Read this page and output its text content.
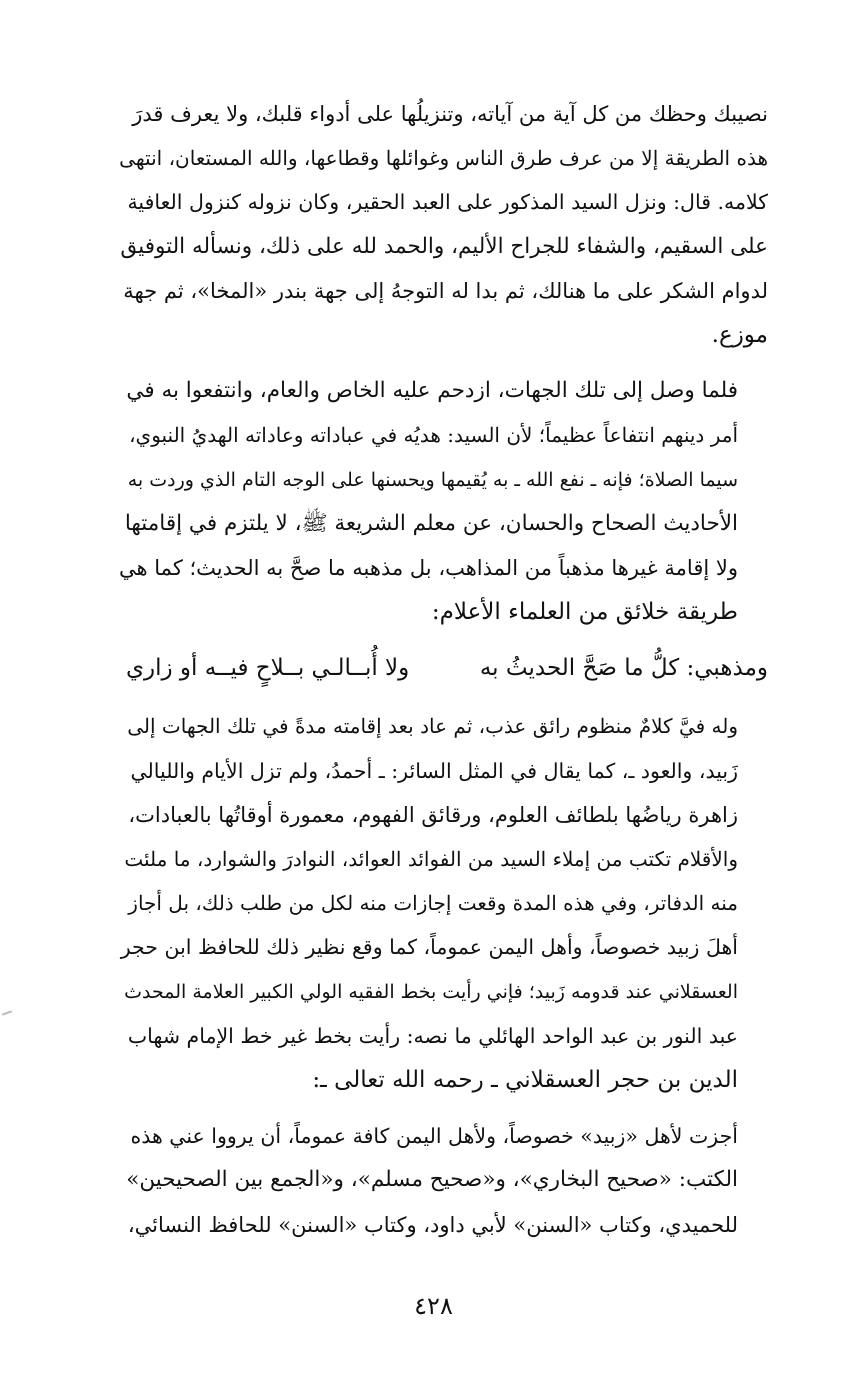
نصيبك وحظك من كل آية من آياته، وتنزيلُها على أدواء قلبك، ولا يعرف قدرَ
هذه الطريقة إلا من عرف طرق الناس وغوائلها وقطاعها، والله المستعان، انتهى
كلامه. قال: ونزل السيد المذكور على العبد الحقير، وكان نزوله كنزول العافية
على السقيم، والشفاء للجراح الأليم، والحمد لله على ذلك، ونسأله التوفيق
لدوام الشكر على ما هنالك، ثم بدا له التوجهُ إلى جهة بندر «المخا»، ثم جهة
موزع.

فلما وصل إلى تلك الجهات، ازدحم عليه الخاص والعام، وانتفعوا به في
أمر دينهم انتفاعاً عظيماً؛ لأن السيد: هديُه في عباداته وعاداته الهديُ النبوي،
سيما الصلاة؛ فإنه ـ نفع الله ـ به يُقيمها ويحسنها على الوجه التام الذي وردت به
الأحاديث الصحاح والحسان، عن معلم الشريعة ﷺ، لا يلتزم في إقامتها
ولا إقامة غيرها مذهباً من المذاهب، بل مذهبه ما صحَّ به الحديث؛ كما هي
طريقة خلائق من العلماء الأعلام:

ومذهبي: كلُّ ما صَحَّ الحديثُ به
ولا أُبــالـي بــلاحٍ فيــه أو زاري

وله فيَّ كلامٌ منظوم رائق عذب، ثم عاد بعد إقامته مدةً في تلك الجهات إلى
زَبيد، والعود ـ، كما يقال في المثل السائر: ـ أحمدُ، ولم تزل الأيام والليالي
زاهرة رياضُها بلطائف العلوم، ورقائق الفهوم، معمورة أوقاتُها بالعبادات،
والأقلام تكتب من إملاء السيد من الفوائد العوائد، النوادرَ والشوارد، ما ملئت
منه الدفاتر، وفي هذه المدة وقعت إجازات منه لكل من طلب ذلك، بل أجاز
أهلَ زبيد خصوصاً، وأهل اليمن عموماً، كما وقع نظير ذلك للحافظ ابن حجر
العسقلاني عند قدومه زَبيد؛ فإني رأيت بخط الفقيه الولي الكبير العلامة المحدث
عبد النور بن عبد الواحد الهائلي ما نصه: رأيت بخط غير خط الإمام شهاب
الدين بن حجر العسقلاني ـ رحمه الله تعالى ـ:

أجزت لأهل «زبيد» خصوصاً، ولأهل اليمن كافة عموماً، أن يرووا عني هذه
الكتب: «صحيح البخاري»، و«صحيح مسلم»، و«الجمع بين الصحيحين»
للحميدي، وكتاب «السنن» لأبي داود، وكتاب «السنن» للحافظ النسائي،

٤٢٨
